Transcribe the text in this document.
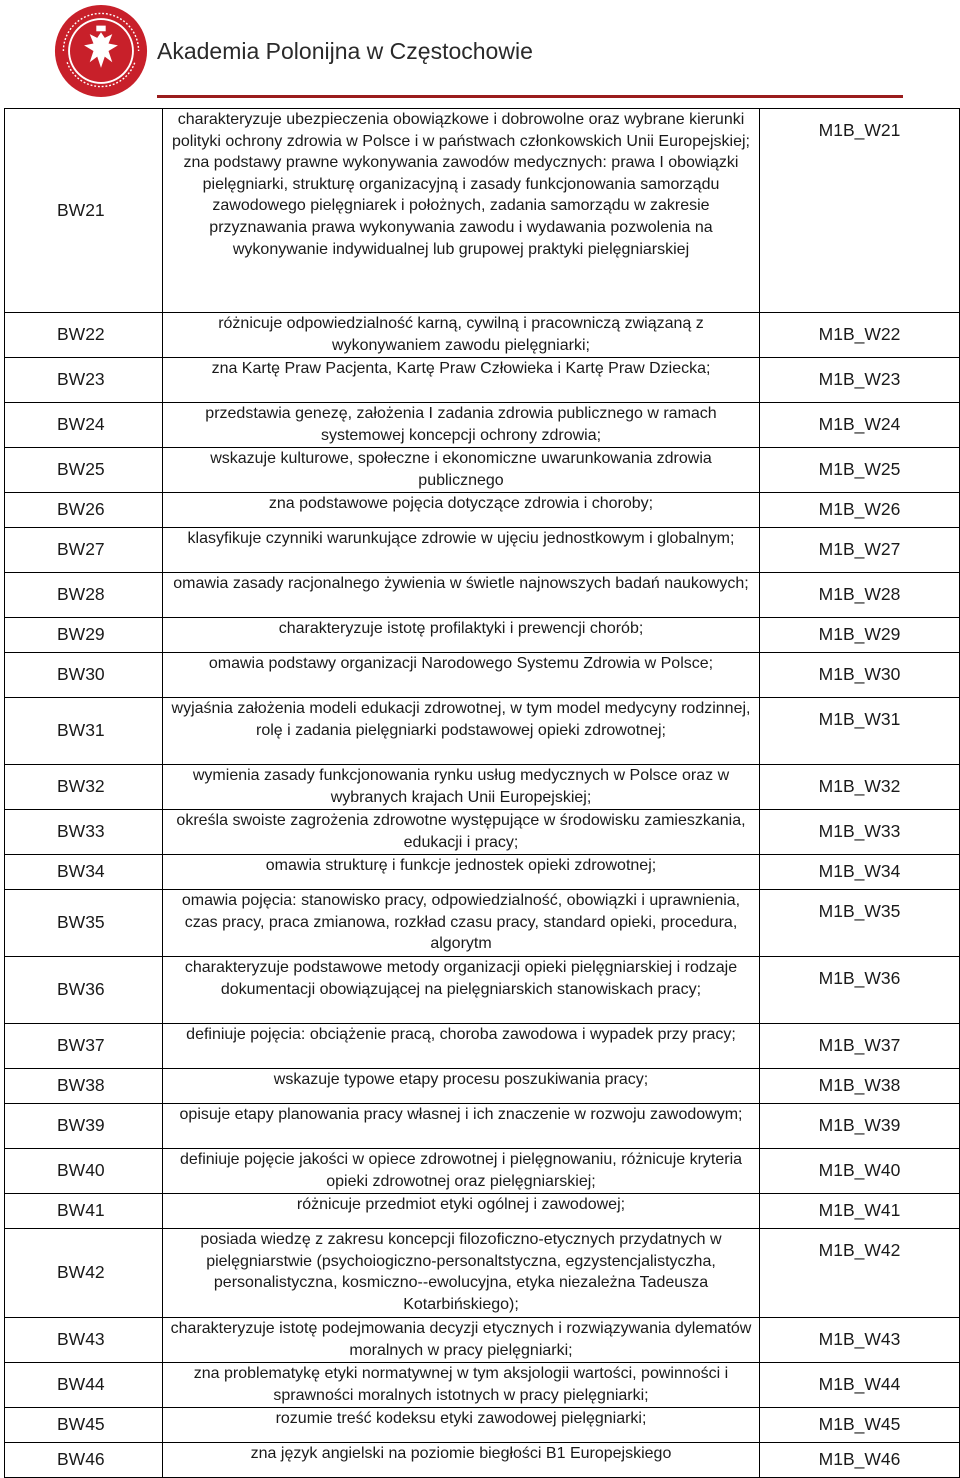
Akademia Polonijna w Częstochowie
BW21	charakteryzuje ubezpieczenia obowiązkowe i dobrowolne oraz wybrane kierunki polityki ochrony zdrowia w Polsce i w państwach członkowskich Unii Europejskiej; zna podstawy prawne wykonywania zawodów medycznych: prawa I obowiązki pielęgniarki, strukturę organizacyjną i zasady funkcjonowania samorządu zawodowego pielęgniarek i położnych, zadania samorządu w zakresie przyznawania prawa wykonywania zawodu i wydawania pozwolenia na wykonywanie indywidualnej lub grupowej praktyki pielęgniarskiej	M1B_W21

BW22	różnicuje odpowiedzialność karną, cywilną i pracowniczą związaną z wykonywaniem zawodu pielęgniarki;	M1B_W22

BW23	zna Kartę Praw Pacjenta, Kartę Praw Człowieka i Kartę Praw Dziecka;	M1B_W23

BW24	przedstawia genezę, założenia I zadania zdrowia publicznego w ramach systemowej koncepcji ochrony zdrowia;	M1B_W24

BW25	wskazuje kulturowe, społeczne i ekonomiczne uwarunkowania zdrowia publicznego	M1B_W25

BW26	zna podstawowe pojęcia dotyczące zdrowia i choroby;	M1B_W26

BW27	klasyfikuje czynniki warunkujące zdrowie w ujęciu jednostkowym i globalnym;	M1B_W27

BW28	omawia zasady racjonalnego żywienia w świetle najnowszych badań naukowych;	M1B_W28

BW29	charakteryzuje istotę profilaktyki i prewencji chorób;	M1B_W29

BW30	omawia podstawy organizacji Narodowego Systemu Zdrowia w Polsce;	M1B_W30

BW31	wyjaśnia założenia modeli edukacji zdrowotnej, w tym model medycyny rodzinnej, rolę i zadania pielęgniarki podstawowej opieki zdrowotnej;	M1B_W31

BW32	wymienia zasady funkcjonowania rynku usług medycznych w Polsce oraz w wybranych krajach Unii Europejskiej;	M1B_W32

BW33	określa swoiste zagrożenia zdrowotne występujące w środowisku zamieszkania, edukacji i pracy;	M1B_W33

BW34	omawia strukturę i funkcje jednostek opieki zdrowotnej;	M1B_W34

BW35	omawia pojęcia: stanowisko pracy, odpowiedzialność, obowiązki i uprawnienia, czas pracy, praca zmianowa, rozkład czasu pracy, standard opieki, procedura, algorytm	M1B_W35

BW36	charakteryzuje podstawowe metody organizacji opieki pielęgniarskiej i rodzaje dokumentacji obowiązującej na pielęgniarskich stanowiskach pracy;	M1B_W36

BW37	definiuje pojęcia: obciążenie pracą, choroba zawodowa i wypadek przy pracy;	M1B_W37

BW38	wskazuje typowe etapy procesu poszukiwania pracy;	M1B_W38

BW39	opisuje etapy planowania pracy własnej i ich znaczenie w rozwoju zawodowym;	M1B_W39

BW40	definiuje pojęcie jakości w opiece zdrowotnej i pielęgnowaniu, różnicuje kryteria opieki zdrowotnej oraz pielęgniarskiej;	M1B_W40

BW41	różnicuje przedmiot etyki ogólnej i zawodowej;	M1B_W41

BW42	posiada wiedzę z zakresu koncepcji filozoficzno-etycznych przydatnych w pielęgniarstwie (psychoiogiczno-personaltstyczna, egzystencjalistyczha, personalistyczna, kosmiczno--ewolucyjna, etyka niezależna Tadeusza Kotarbińskiego);	M1B_W42

BW43	charakteryzuje istotę podejmowania decyzji etycznych i rozwiązywania dylematów moralnych w pracy pielęgniarki;	M1B_W43

BW44	zna problematykę etyki normatywnej w tym aksjologii wartości, powinności i sprawności moralnych istotnych w pracy pielęgniarki;	M1B_W44

BW45	rozumie treść kodeksu etyki zawodowej pielęgniarki;	M1B_W45

BW46	zna język angielski na poziomie biegłości B1 Europejskiego	M1B_W46
